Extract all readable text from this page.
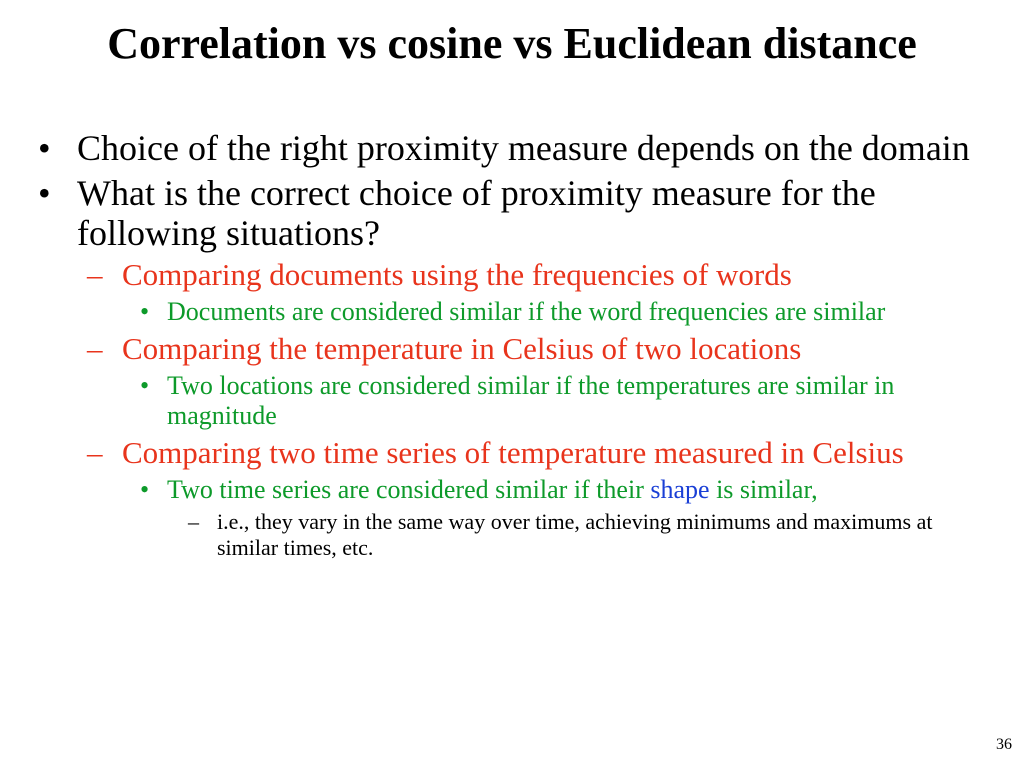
Correlation vs cosine vs Euclidean distance
• Choice of the right proximity measure depends on the domain
• What is the correct choice of proximity measure for the following situations?
– Comparing documents using the frequencies of words
• Documents are considered similar if the word frequencies are similar
– Comparing the temperature in Celsius of two locations
• Two locations are considered similar if the temperatures are similar in magnitude
– Comparing two time series of temperature measured in Celsius
• Two time series are considered similar if their shape is similar,
– i.e., they vary in the same way over time, achieving minimums and maximums at similar times, etc.
36
